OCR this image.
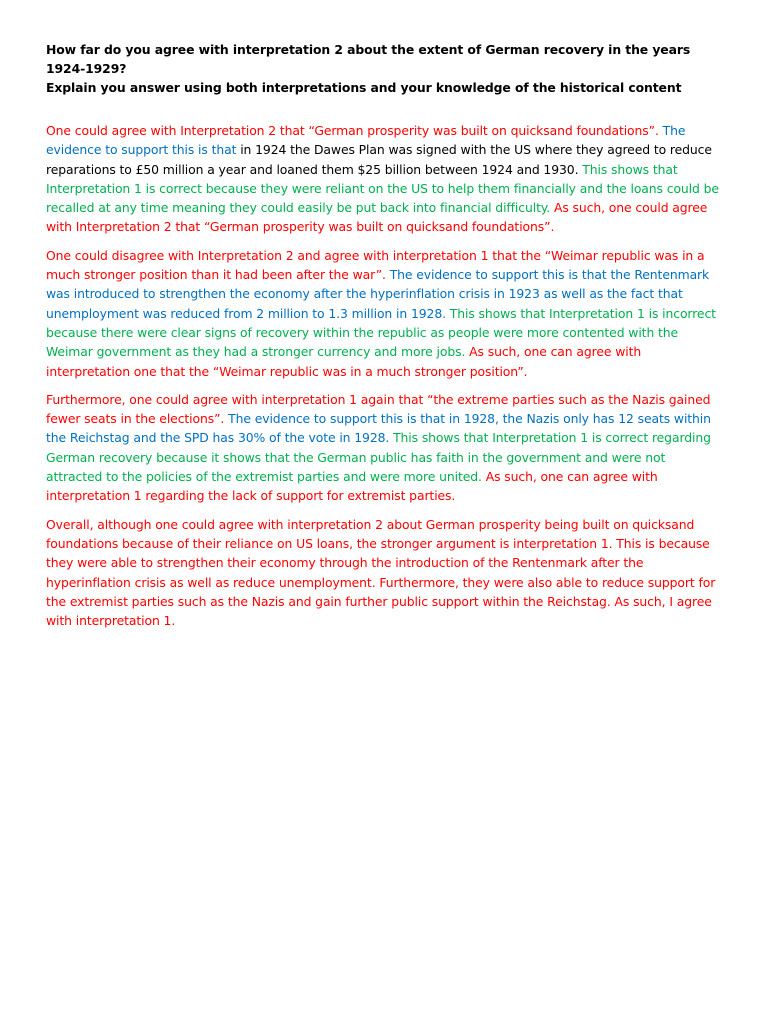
How far do you agree with interpretation 2 about the extent of German recovery in the years 1924-1929?
Explain you answer using both interpretations and your knowledge of the historical content

One could agree with Interpretation 2 that “German prosperity was built on quicksand foundations”. The evidence to support this is that in 1924 the Dawes Plan was signed with the US where they agreed to reduce reparations to £50 million a year and loaned them $25 billion between 1924 and 1930. This shows that Interpretation 1 is correct because they were reliant on the US to help them financially and the loans could be recalled at any time meaning they could easily be put back into financial difficulty. As such, one could agree with Interpretation 2 that “German prosperity was built on quicksand foundations”.

One could disagree with Interpretation 2 and agree with interpretation 1 that the “Weimar republic was in a much stronger position than it had been after the war”. The evidence to support this is that the Rentenmark was introduced to strengthen the economy after the hyperinflation crisis in 1923 as well as the fact that unemployment was reduced from 2 million to 1.3 million in 1928. This shows that Interpretation 1 is incorrect because there were clear signs of recovery within the republic as people were more contented with the Weimar government as they had a stronger currency and more jobs. As such, one can agree with interpretation one that the “Weimar republic was in a much stronger position”.

Furthermore, one could agree with interpretation 1 again that “the extreme parties such as the Nazis gained fewer seats in the elections”. The evidence to support this is that in 1928, the Nazis only has 12 seats within the Reichstag and the SPD has 30% of the vote in 1928. This shows that Interpretation 1 is correct regarding German recovery because it shows that the German public has faith in the government and were not attracted to the policies of the extremist parties and were more united. As such, one can agree with interpretation 1 regarding the lack of support for extremist parties.

Overall, although one could agree with interpretation 2 about German prosperity being built on quicksand foundations because of their reliance on US loans, the stronger argument is interpretation 1. This is because they were able to strengthen their economy through the introduction of the Rentenmark after the hyperinflation crisis as well as reduce unemployment. Furthermore, they were also able to reduce support for the extremist parties such as the Nazis and gain further public support within the Reichstag. As such, I agree with interpretation 1.
